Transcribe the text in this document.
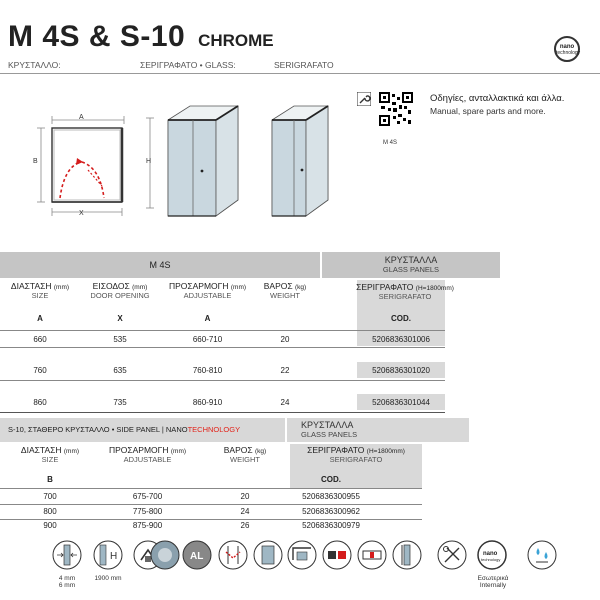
M 4S & S-10 CHROME	nano
technology
ΚΡΥΣΤΑΛΛΟ:	ΣΕΡΙΓΡΑΦΑΤΟ • GLASS:	SERIGRAFATO
M 4S
Οδηγίες, ανταλλακτικά και άλλα.
Manual, spare parts and more.
A
B
X
H
M 4S	ΚΡΥΣΤΑΛΛΑ
GLASS PANELS
ΔΙΑΣΤΑΣΗ (mm)
SIZE
ΕΙΣΟΔΟΣ (mm)
DOOR OPENING
ΠΡΟΣΑΡΜΟΓΗ (mm)
ADJUSTABLE
ΒΑΡΟΣ (kg)
WEIGHT
ΣΕΡΙΓΡΑΦΑΤΟ (H=1800mm)
SERIGRAFATO
A	X	A	COD.
660	535	660-710	20	5206836301006
760	635	760-810	22	5206836301020
860	735	860-910	24	5206836301044
S-10, ΣΤΑΘΕΡΟ ΚΡΥΣΤΑΛΛΟ • SIDE PANEL | NANOTECHNOLOGY	ΚΡΥΣΤΑΛΛΑ
GLASS PANELS
ΔΙΑΣΤΑΣΗ (mm)
SIZE
ΠΡΟΣΑΡΜΟΓΗ (mm)
ADJUSTABLE
ΒΑΡΟΣ (kg)
WEIGHT
ΣΕΡΙΓΡΑΦΑΤΟ (H=1800mm)
SERIGRAFATO
B	COD.
700	675-700	20	5206836300955
800	775-800	24	5206836300962
900	875-900	26	5206836300979
4 mm
6 mm
H
1900 mm
AL	nano
technology
Εσωτερικά
Internally
